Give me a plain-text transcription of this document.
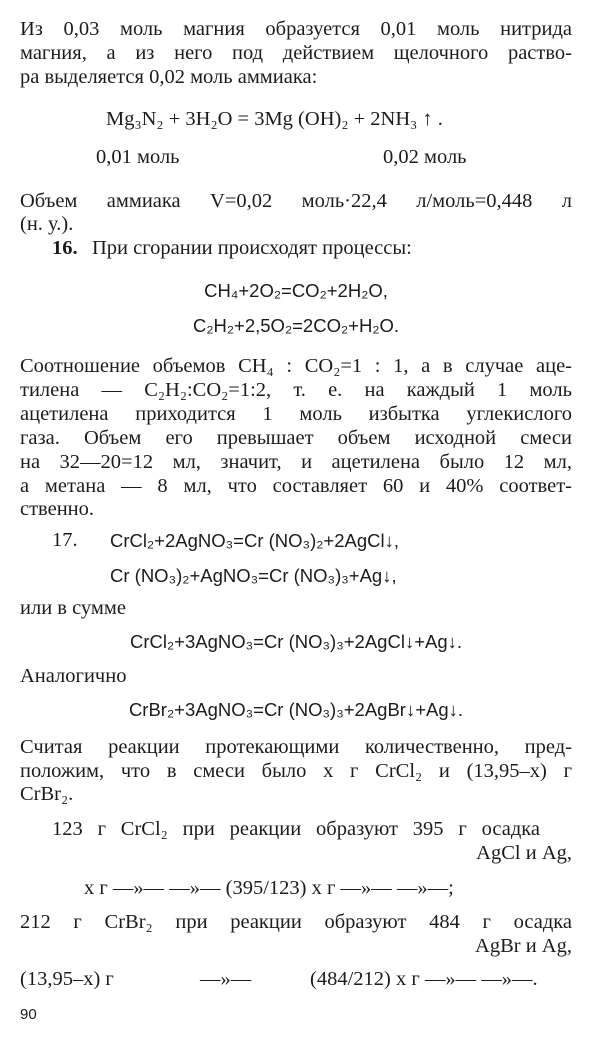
Из 0,03 моль магния образуется 0,01 моль нитрида
магния, а из него под действием щелочного раство-
ра выделяется 0,02 моль аммиака:
Mg₃N₂ + 3H₂O = 3Mg (OH)₂ + 2NH₃ ↑ .
0,01 моль	0,02 моль
Объем аммиака V=0,02 моль·22,4 л/моль=0,448 л
(н. у.).
16. При сгорании происходят процессы:
CH₄+2O₂=CO₂+2H₂O,
C₂H₂+2,5O₂=2CO₂+H₂O.
Соотношение объемов CH₄ : CO₂=1 : 1, а в случае аце-
тилена — C₂H₂:CO₂=1:2, т. е. на каждый 1 моль
ацетилена приходится 1 моль избытка углекислого
газа. Объем его превышает объем исходной смеси
на 32—20=12 мл, значит, и ацетилена было 12 мл,
а метана — 8 мл, что составляет 60 и 40% соответ-
ственно.
17.	CrCl₂+2AgNO₃=Cr (NO₃)₂+2AgCl↓,
Cr (NO₃)₂+AgNO₃=Cr (NO₃)₃+Ag↓,
или в сумме
CrCl₂+3AgNO₃=Cr (NO₃)₃+2AgCl↓+Ag↓.
Аналогично
CrBr₂+3AgNO₃=Cr (NO₃)₃+2AgBr↓+Ag↓.
Считая реакции протекающими количественно, пред-
положим, что в смеси было x г CrCl₂ и (13,95–x) г
CrBr₂.
123 г CrCl₂ при реакции образуют 395 г осадка
AgCl и Ag,
x г —»— —»— (395/123) x г —»— —»—;
212 г CrBr₂ при реакции образуют 484 г осадка
AgBr и Ag,
(13,95–x) г	—»—	(484/212) x г —»— —»—.
90
